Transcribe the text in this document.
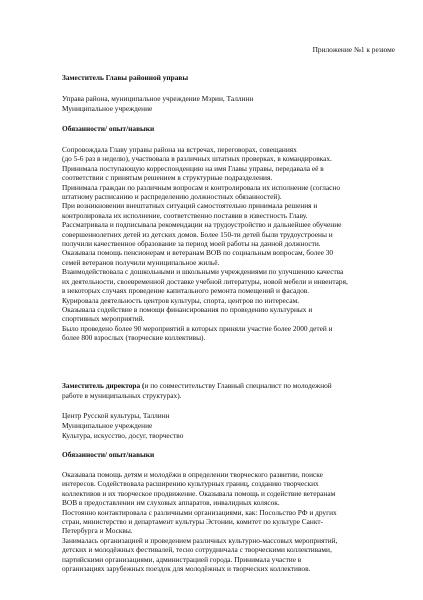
Приложение №1 к резюме
Заместитель Главы районной управы
Управа района, муниципальное учреждение Мэрии, Таллинн
Муниципальное учреждение
Обязанности/ опыт/навыки
Сопровождала Главу управы района на встречах, переговорах, совещаниях
(до 5-6 раз в неделю), участвовала в различных штатных проверках, в командировках.
Принимала поступающую корреспонденцию на имя Главы управы, передавала её в
соответствии с принятым решением в структурные подразделения.
Принимала граждан по различным вопросам и контролировала их исполнение (согласно
штатному расписанию и распределению должностных обязанностей).
При возникновении внештатных ситуаций самостоятельно принимала решения и
контролировала их исполнение, соответственно поставив в известность Главу.
Рассматривала и подписывала рекомендации на трудоустройство и дальнейшее обучение
совершеннолетних детей из детских домов. Более 150-ти детей были трудоустроены и
получили качественное образование за период моей работы на данной должности.
Оказывала помощь пенсионерам и ветеранам ВОВ по социальным вопросам, более 30
семей ветеранов получили муниципальное жильё.
Взаимодействовала с дошкольными и школьными учреждениями по улучшению качества
их деятельности, своевременной доставке учебной литературы, новой мебели и инвентаря,
в некоторых случаях проведение капитального ремонта помещений и фасадов.
Курировала деятельность центров культуры, спорта, центров по интересам.
Оказывала содействие в помощи финансирования по проведению культурных и
спортивных мероприятий.
Было проведено более 90 мероприятий в которых приняли участие более 2000 детей и
более 800 взрослых (творческие коллективы).
Заместитель директора (и по совместительству Главный специалист по молодежной
работе в муниципальных структурах).
Центр Русской культуры, Таллинн
Муниципальное учреждение
Культура, искусство, досуг, творчество
Обязанности/ опыт/навыки
Оказывала помощь детям и молодёжи в определении творческого развитии, поиске
интересов. Содействовала расширению культурных границ, созданию творческих
коллективов и их творческое продвижение. Оказывала помощь и содействие ветеранам
ВОВ в предоставлении им слуховых аппаратов, инвалидных колясок.
Постоянно контактировала с различными организациями, как: Посольство РФ и других
стран, министерство и департамент культуры Эстонии, комитет по культуре Санкт-
Петербурга и Москвы.
Занималась организацией и проведением различных культурно-массовых мероприятий,
детских и молодёжных фестивалей, тесно сотрудничала с творческими коллективами,
партийскими организациями, администрацией города. Принимала участие в
организациях зарубежных поездок для молодёжных и творческих коллективов.
